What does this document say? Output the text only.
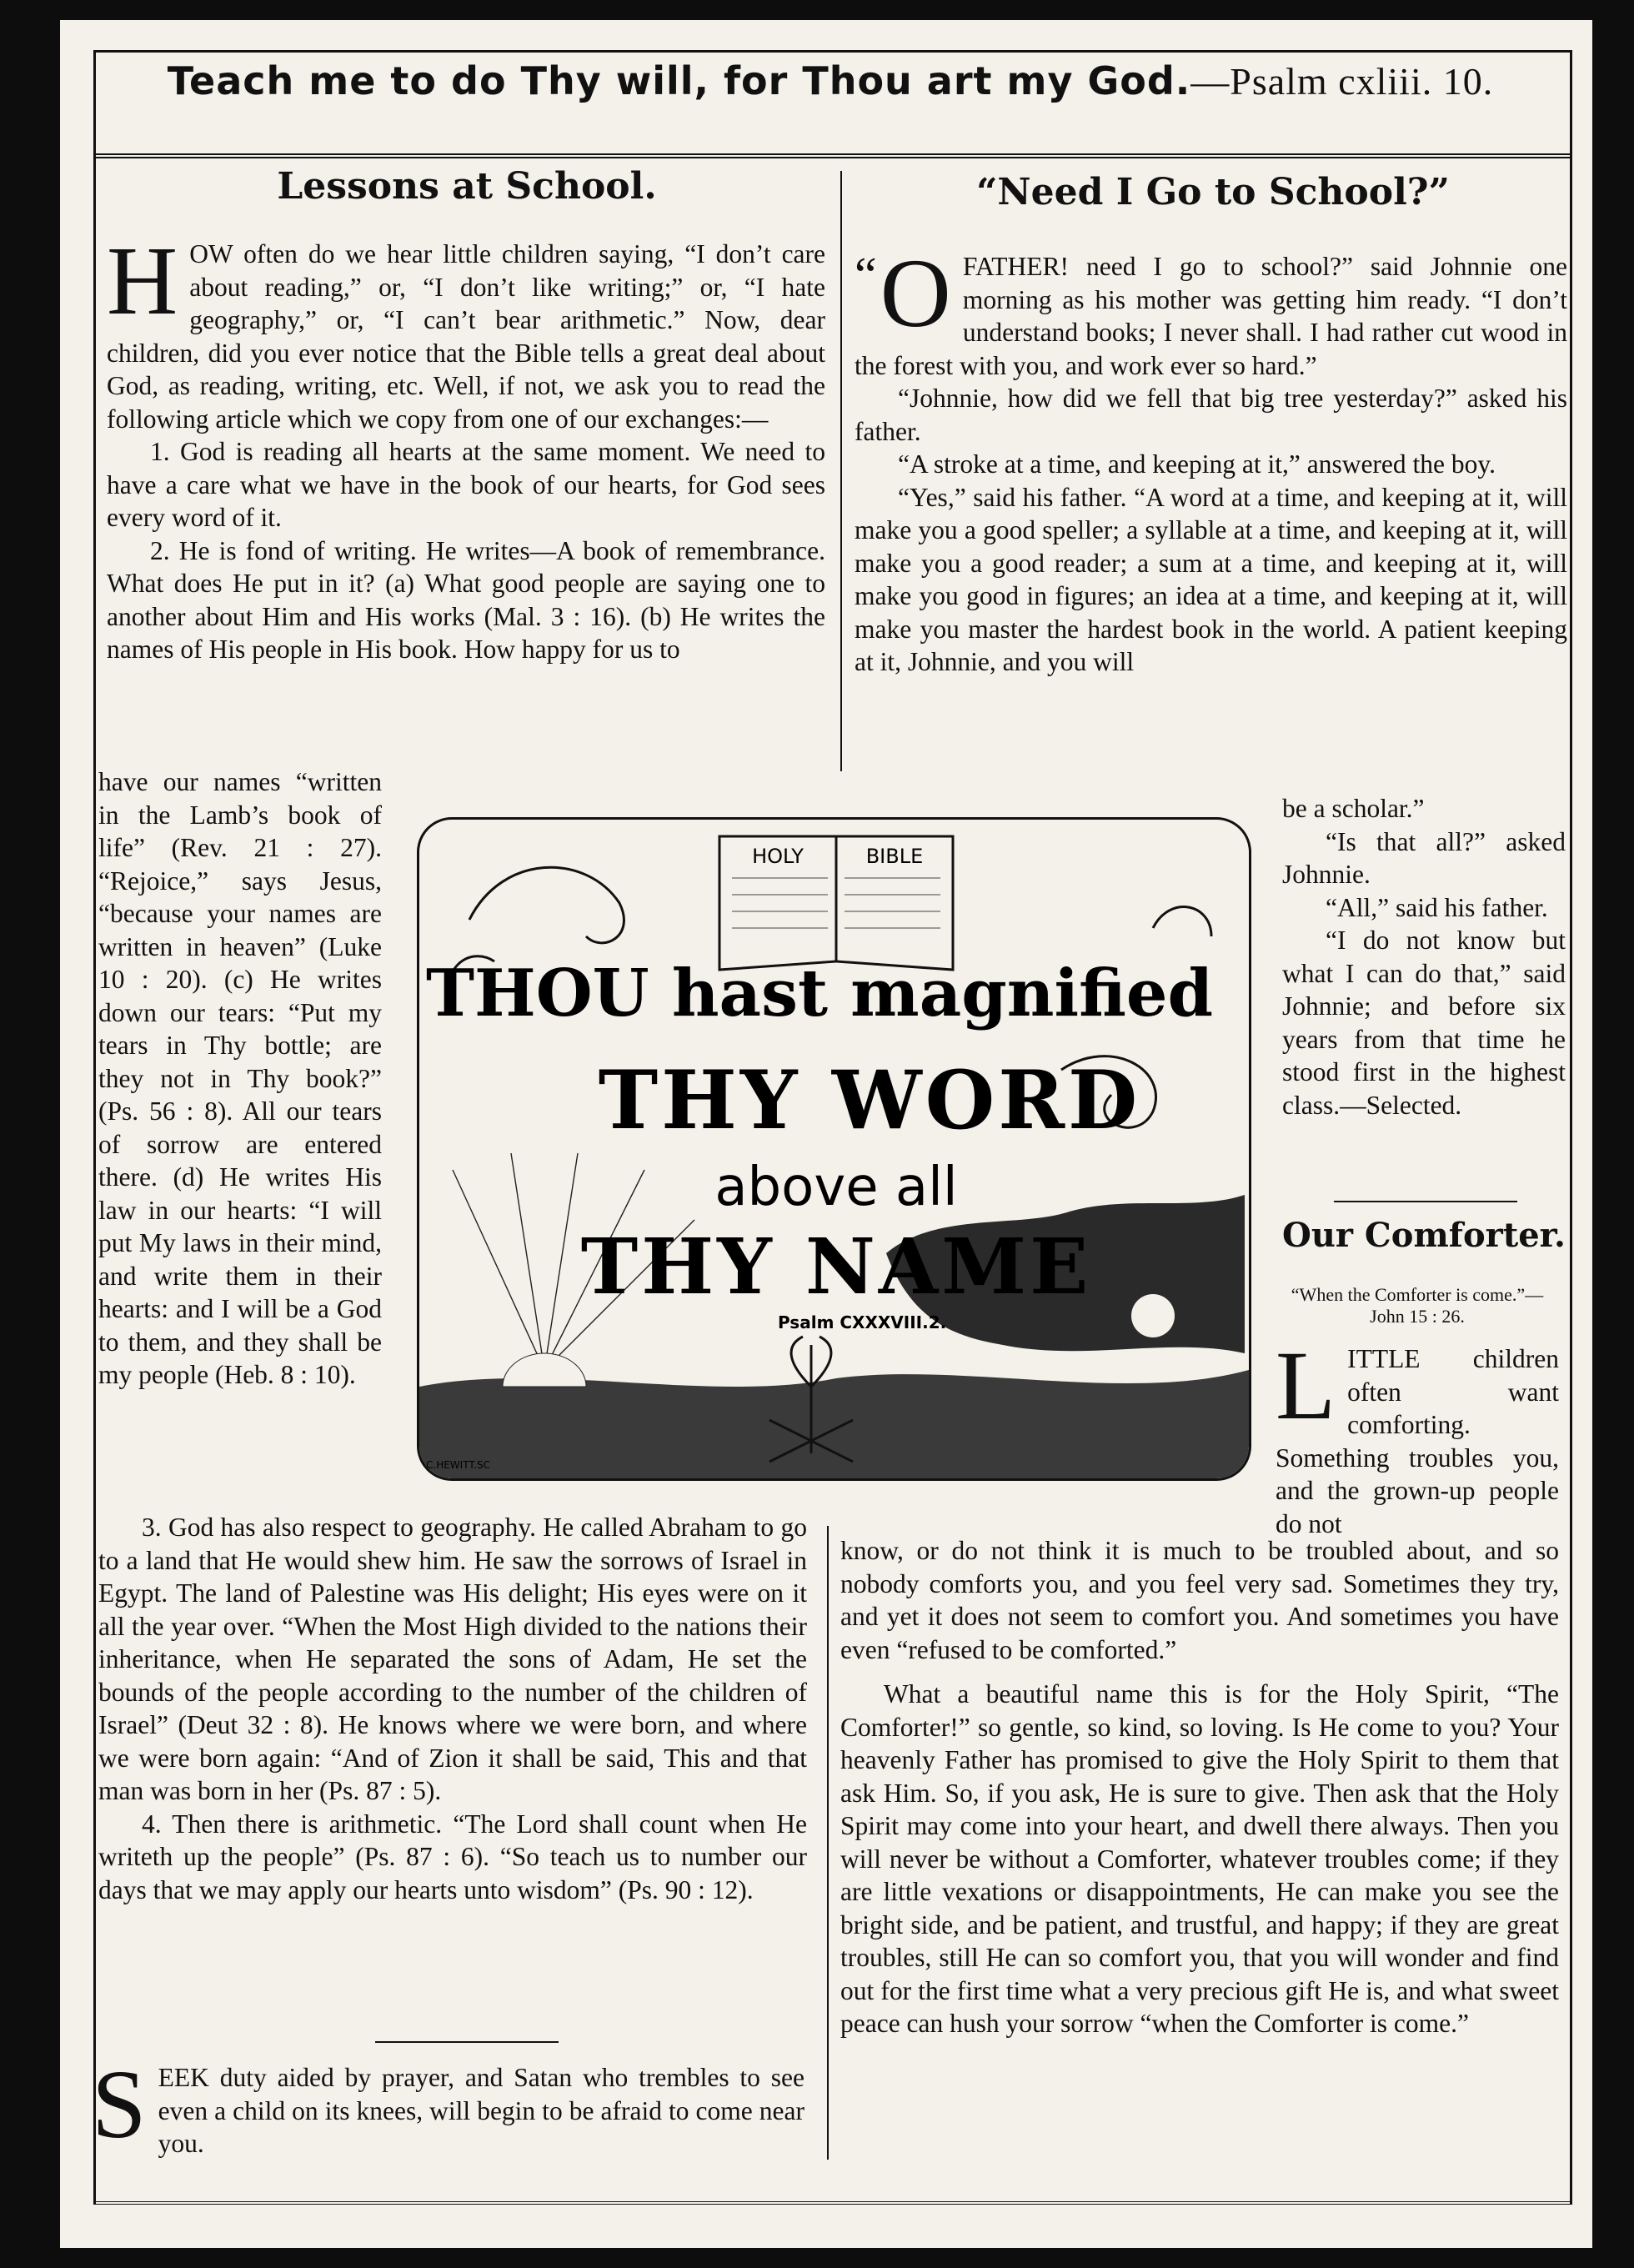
Teach me to do Thy will, for Thou art my God.—Psalm cxliii. 10.
Lessons at School.

HOW often do we hear little children saying, “I don’t care about reading,” or, “I don’t like writing;” or, “I hate geography,” or, “I can’t bear arithmetic.” Now, dear children, did you ever notice that the Bible tells a great deal about God, as reading, writing, etc. Well, if not, we ask you to read the following article which we copy from one of our exchanges:—

1. God is reading all hearts at the same moment. We need to have a care what we have in the book of our hearts, for God sees every word of it.

2. He is fond of writing. He writes—A book of remembrance. What does He put in it? (a) What good people are saying one to another about Him and His works (Mal. 3 : 16). (b) He writes the names of His people in His book. How happy for us to

have our names “written in the Lamb’s book of life” (Rev. 21 : 27). “Rejoice,” says Jesus, “because your names are written in heaven” (Luke 10 : 20). (c) He writes down our tears: “Put my tears in Thy bottle; are they not in Thy book?” (Ps. 56 : 8). All our tears of sorrow are entered there. (d) He writes His law in our hearts: “I will put My laws in their mind, and write them in their hearts: and I will be a God to them, and they shall be my people (Heb. 8 : 10).

3. God has also respect to geography. He called Abraham to go to a land that He would shew him. He saw the sorrows of Israel in Egypt. The land of Palestine was His delight; His eyes were on it all the year over. “When the Most High divided to the nations their inheritance, when He separated the sons of Adam, He set the bounds of the people according to the number of the children of Israel” (Deut 32 : 8). He knows where we were born, and where we were born again: “And of Zion it shall be said, This and that man was born in her (Ps. 87 : 5).

4. Then there is arithmetic. “The Lord shall count when He writeth up the people” (Ps. 87 : 6). “So teach us to number our days that we may apply our hearts unto wisdom” (Ps. 90 : 12).

SEEK duty aided by prayer, and Satan who trembles to see even a child on its knees, will begin to be afraid to come near you.

“Need I Go to School?”

“ O FATHER! need I go to school?” said Johnnie one morning as his mother was getting him ready. “I don’t understand books; I never shall. I had rather cut wood in the forest with you, and work ever so hard.”

“Johnnie, how did we fell that big tree yesterday?” asked his father.

“A stroke at a time, and keeping at it,” answered the boy.

“Yes,” said his father. “A word at a time, and keeping at it, will make you a good speller; a syllable at a time, and keeping at it, will make you a good reader; a sum at a time, and keeping at it, will make you good in figures; an idea at a time, and keeping at it, will make you master the hardest book in the world. A patient keeping at it, Johnnie, and you will

be a scholar.”

“Is that all?” asked Johnnie.

“All,” said his father.

“I do not know but what I can do that,” said Johnnie; and before six years from that time he stood first in the highest class.—Selected.

Our Comforter.
“When the Comforter is come.”—John 15 : 26.

LITTLE children often want comforting. Something troubles you, and the grown-up people do not

know, or do not think it is much to be troubled about, and so nobody comforts you, and you feel very sad. Sometimes they try, and yet it does not seem to comfort you. And sometimes you have even “refused to be comforted.”

What a beautiful name this is for the Holy Spirit, “The Comforter!” so gentle, so kind, so loving. Is He come to you? Your heavenly Father has promised to give the Holy Spirit to them that ask Him. So, if you ask, He is sure to give. Then ask that the Holy Spirit may come into your heart, and dwell there always. Then you will never be without a Comforter, whatever troubles come; if they are little vexations or disappointments, He can make you see the bright side, and be patient, and trustful, and happy; if they are great troubles, still He can so comfort you, that you will wonder and find out for the first time what a very precious gift He is, and what sweet peace can hush your sorrow “when the Comforter is come.”

HOLY	BIBLE
THOU hast magnified
THY WORD
above all
THY NAME
Psalm CXXXVIII.2.
C.HEWITT.SC
